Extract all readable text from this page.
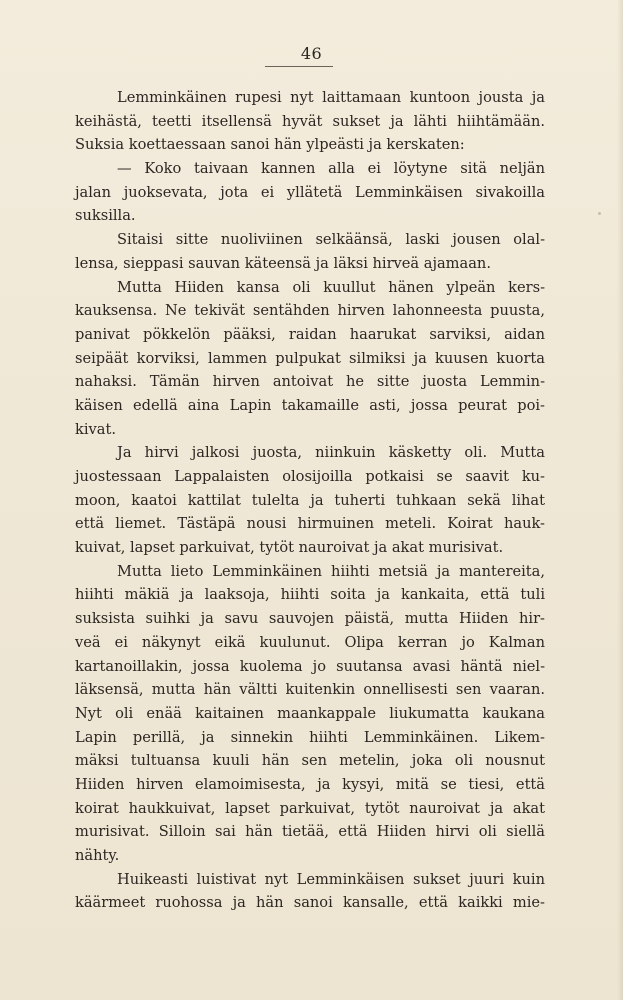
46
Lemminkäinen rupesi nyt laittamaan kuntoon jousta ja
keihästä, teetti itsellensä hyvät sukset ja lähti hiihtämään.
Suksia koettaessaan sanoi hän ylpeästi ja kerskaten:
— Koko taivaan kannen alla ei löytyne sitä neljän
jalan juoksevata, jota ei yllätetä Lemminkäisen sivakoilla
suksilla.
Sitaisi sitte nuoliviinen selkäänsä, laski jousen olal-
lensa, sieppasi sauvan käteensä ja läksi hirveä ajamaan.
Mutta Hiiden kansa oli kuullut hänen ylpeän kers-
kauksensa. Ne tekivät sentähden hirven lahonneesta puusta,
panivat pökkelön pääksi, raidan haarukat sarviksi, aidan
seipäät korviksi, lammen pulpukat silmiksi ja kuusen kuorta
nahaksi. Tämän hirven antoivat he sitte juosta Lemmin-
käisen edellä aina Lapin takamaille asti, jossa peurat poi-
kivat.
Ja hirvi jalkosi juosta, niinkuin käsketty oli. Mutta
juostessaan Lappalaisten olosijoilla potkaisi se saavit ku-
moon, kaatoi kattilat tulelta ja tuherti tuhkaan sekä lihat
että liemet. Tästäpä nousi hirmuinen meteli. Koirat hauk-
kuivat, lapset parkuivat, tytöt nauroivat ja akat murisivat.
Mutta lieto Lemminkäinen hiihti metsiä ja mantereita,
hiihti mäkiä ja laaksoja, hiihti soita ja kankaita, että tuli
suksista suihki ja savu sauvojen päistä, mutta Hiiden hir-
veä ei näkynyt eikä kuulunut. Olipa kerran jo Kalman
kartanoillakin, jossa kuolema jo suutansa avasi häntä niel-
läksensä, mutta hän vältti kuitenkin onnellisesti sen vaaran.
Nyt oli enää kaitainen maankappale liukumatta kaukana
Lapin perillä, ja sinnekin hiihti Lemminkäinen. Likem-
mäksi tultuansa kuuli hän sen metelin, joka oli nousnut
Hiiden hirven elamoimisesta, ja kysyi, mitä se tiesi, että
koirat haukkuivat, lapset parkuivat, tytöt nauroivat ja akat
murisivat. Silloin sai hän tietää, että Hiiden hirvi oli siellä
nähty.
Huikeasti luistivat nyt Lemminkäisen sukset juuri kuin
käärmeet ruohossa ja hän sanoi kansalle, että kaikki mie-
